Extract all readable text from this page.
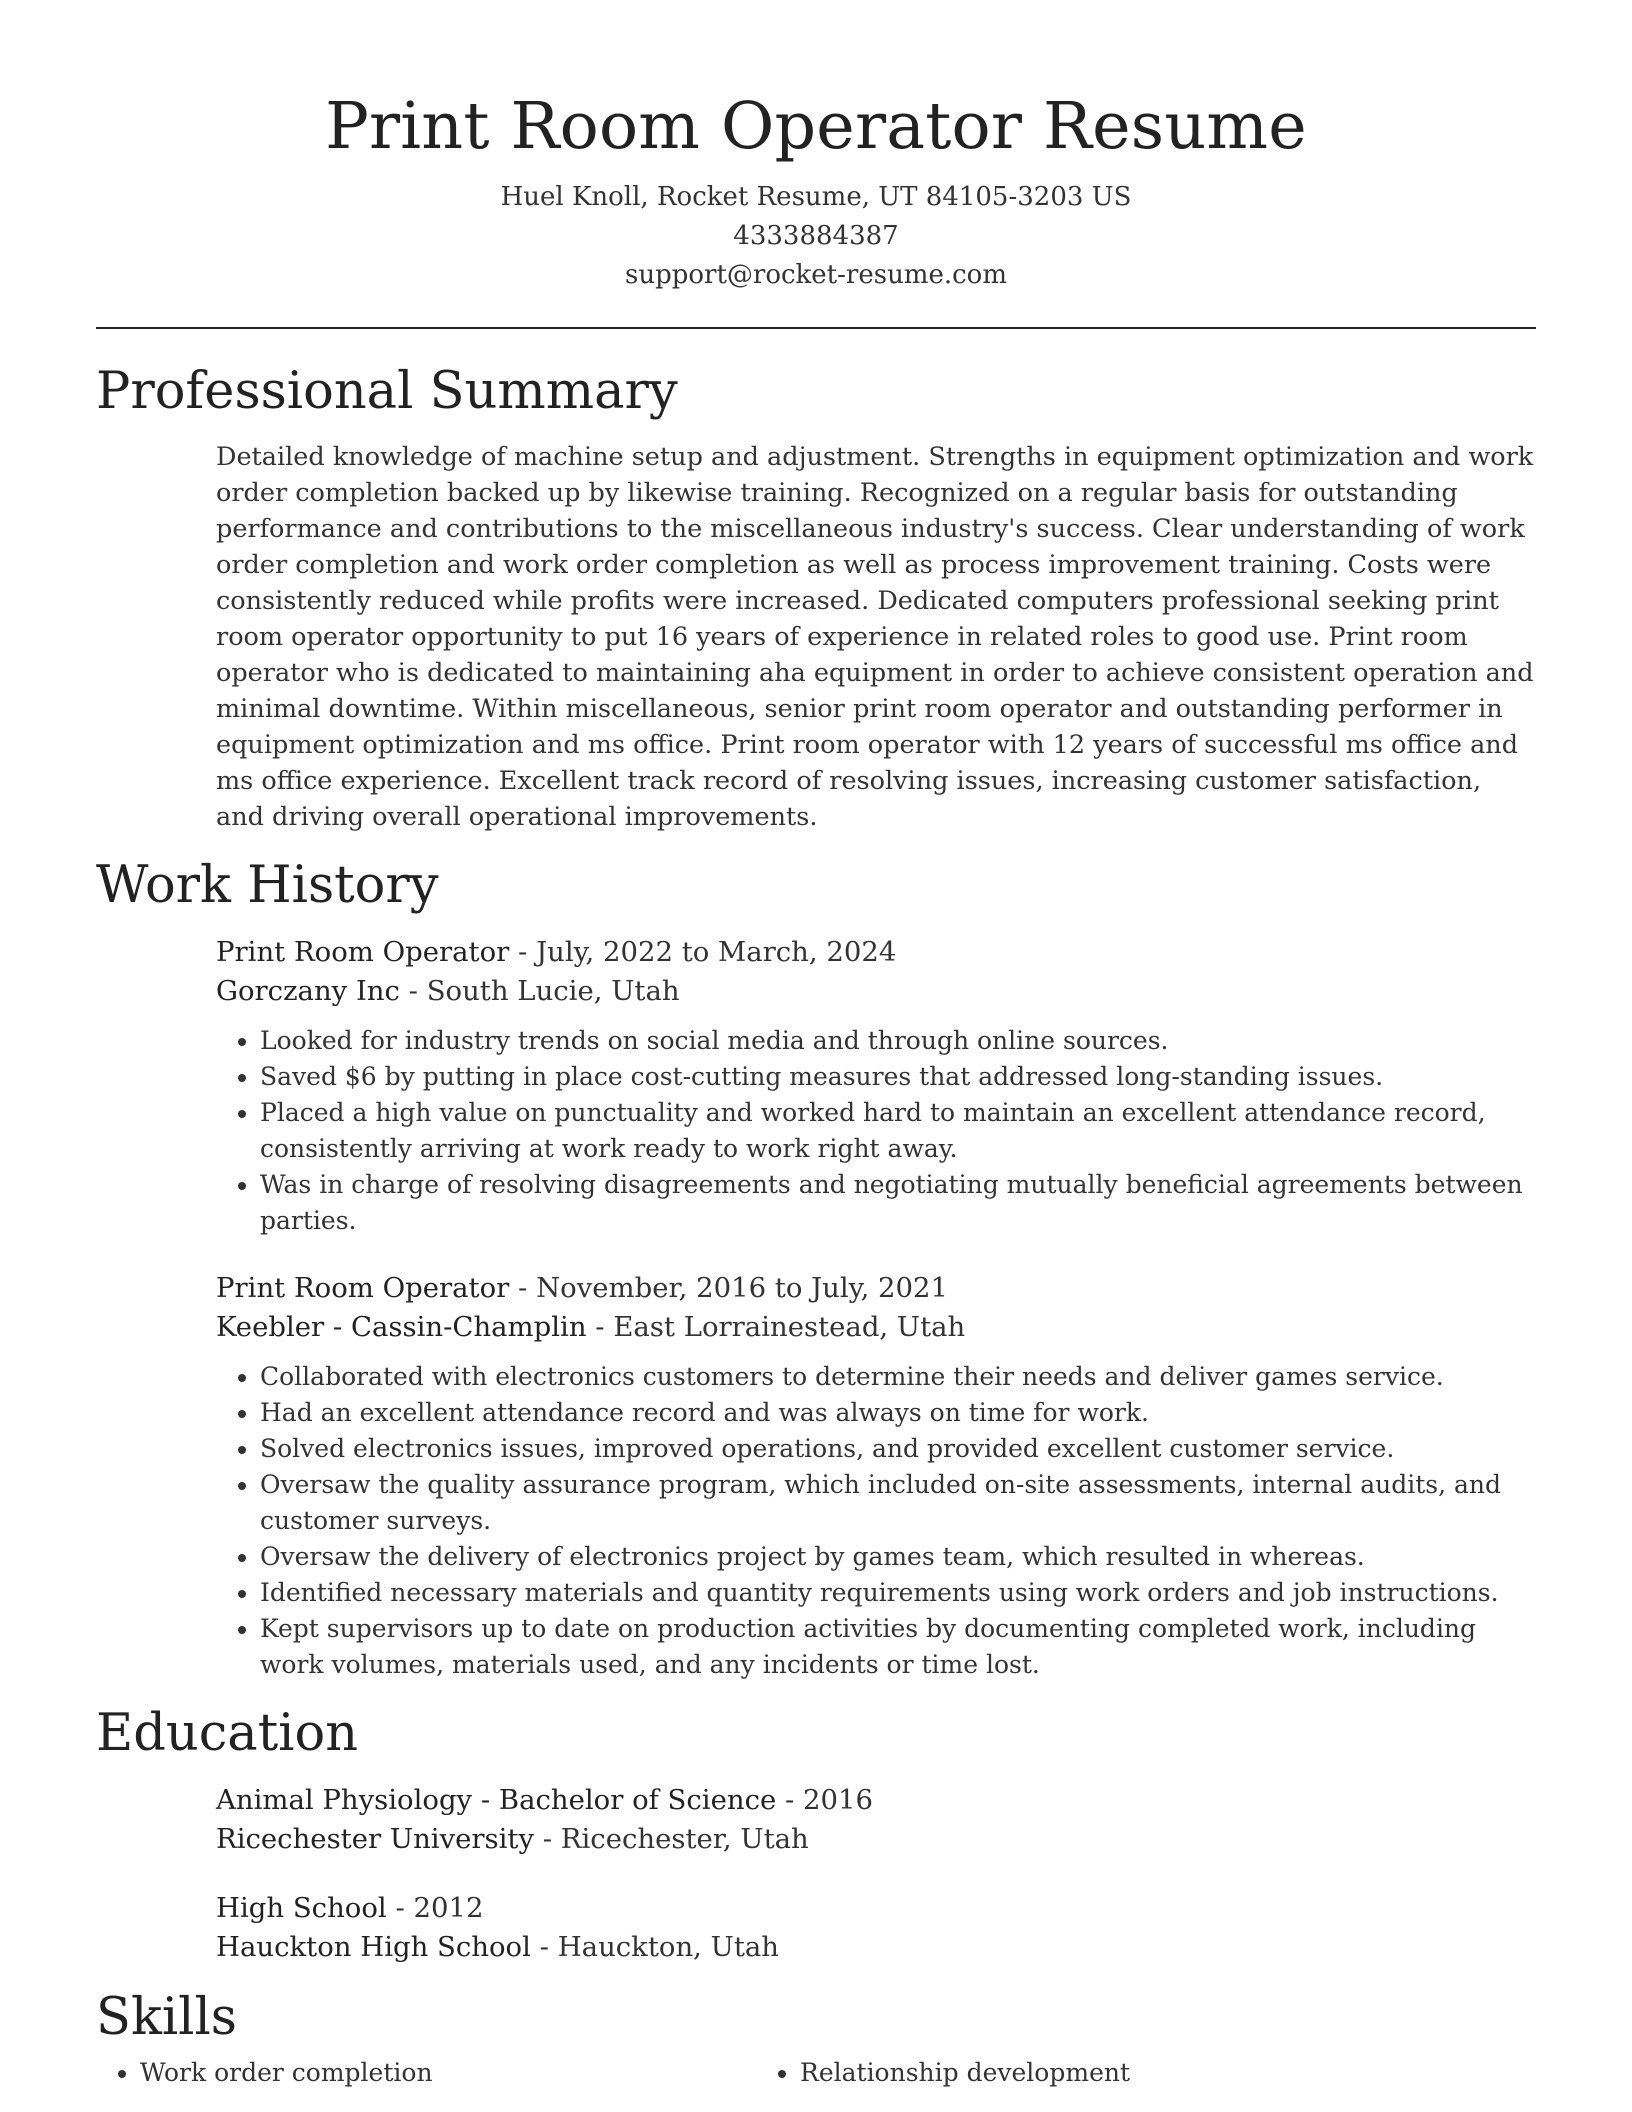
Print Room Operator Resume
Huel Knoll, Rocket Resume, UT 84105-3203 US
4333884387
support@rocket-resume.com
Professional Summary

Detailed knowledge of machine setup and adjustment. Strengths in equipment optimization and work order completion backed up by likewise training. Recognized on a regular basis for outstanding performance and contributions to the miscellaneous industry's success. Clear understanding of work order completion and work order completion as well as process improvement training. Costs were consistently reduced while profits were increased. Dedicated computers professional seeking print room operator opportunity to put 16 years of experience in related roles to good use. Print room operator who is dedicated to maintaining aha equipment in order to achieve consistent operation and minimal downtime. Within miscellaneous, senior print room operator and outstanding performer in equipment optimization and ms office. Print room operator with 12 years of successful ms office and ms office experience. Excellent track record of resolving issues, increasing customer satisfaction, and driving overall operational improvements.

Work History
Print Room Operator - July, 2022 to March, 2024
Gorczany Inc - South Lucie, Utah
• Looked for industry trends on social media and through online sources.
• Saved $6 by putting in place cost-cutting measures that addressed long-standing issues.
• Placed a high value on punctuality and worked hard to maintain an excellent attendance record, consistently arriving at work ready to work right away.
• Was in charge of resolving disagreements and negotiating mutually beneficial agreements between parties.
Print Room Operator - November, 2016 to July, 2021
Keebler - Cassin-Champlin - East Lorrainestead, Utah
• Collaborated with electronics customers to determine their needs and deliver games service.
• Had an excellent attendance record and was always on time for work.
• Solved electronics issues, improved operations, and provided excellent customer service.
• Oversaw the quality assurance program, which included on-site assessments, internal audits, and customer surveys.
• Oversaw the delivery of electronics project by games team, which resulted in whereas.
• Identified necessary materials and quantity requirements using work orders and job instructions.
• Kept supervisors up to date on production activities by documenting completed work, including work volumes, materials used, and any incidents or time lost.
Education
Animal Physiology - Bachelor of Science - 2016
Ricechester University - Ricechester, Utah
High School - 2012
Hauckton High School - Hauckton, Utah
Skills
• Work order completion
•	Relationship development
